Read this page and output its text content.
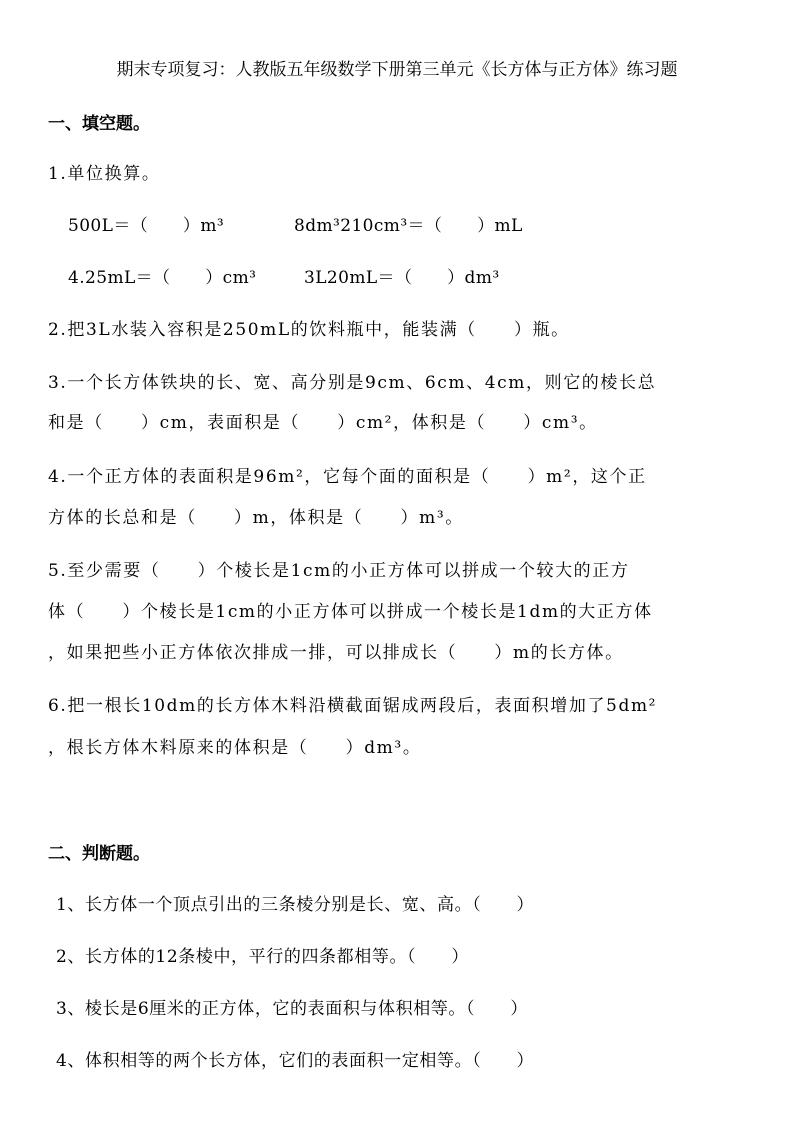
期末专项复习：人教版五年级数学下册第三单元《长方体与正方体》练习题
一、填空题。
1.单位换算。
500L＝（　　）m³	8dm³210cm³＝（　　）mL
4.25mL＝（　　）cm³	3L20mL＝（　　）dm³
2.把3L水装入容积是250mL的饮料瓶中，能装满（　　）瓶。
3.一个长方体铁块的长、宽、高分别是9cm、6cm、4cm，则它的棱长总
和是（　　）cm，表面积是（　　）cm²，体积是（　　）cm³。
4.一个正方体的表面积是96m²，它每个面的面积是（　　）m²，这个正
方体的长总和是（　　）m，体积是（　　）m³。
5.至少需要（　　）个棱长是1cm的小正方体可以拼成一个较大的正方
体（　　）个棱长是1cm的小正方体可以拼成一个棱长是1dm的大正方体
，如果把些小正方体依次排成一排，可以排成长（　　）m的长方体。
6.把一根长10dm的长方体木料沿横截面锯成两段后，表面积增加了5dm²
，根长方体木料原来的体积是（　　）dm³。
二、判断题。
1、长方体一个顶点引出的三条棱分别是长、宽、高。（　　）
2、长方体的12条棱中，平行的四条都相等。（　　）
3、棱长是6厘米的正方体，它的表面积与体积相等。（　　）
4、体积相等的两个长方体，它们的表面积一定相等。（　　）
